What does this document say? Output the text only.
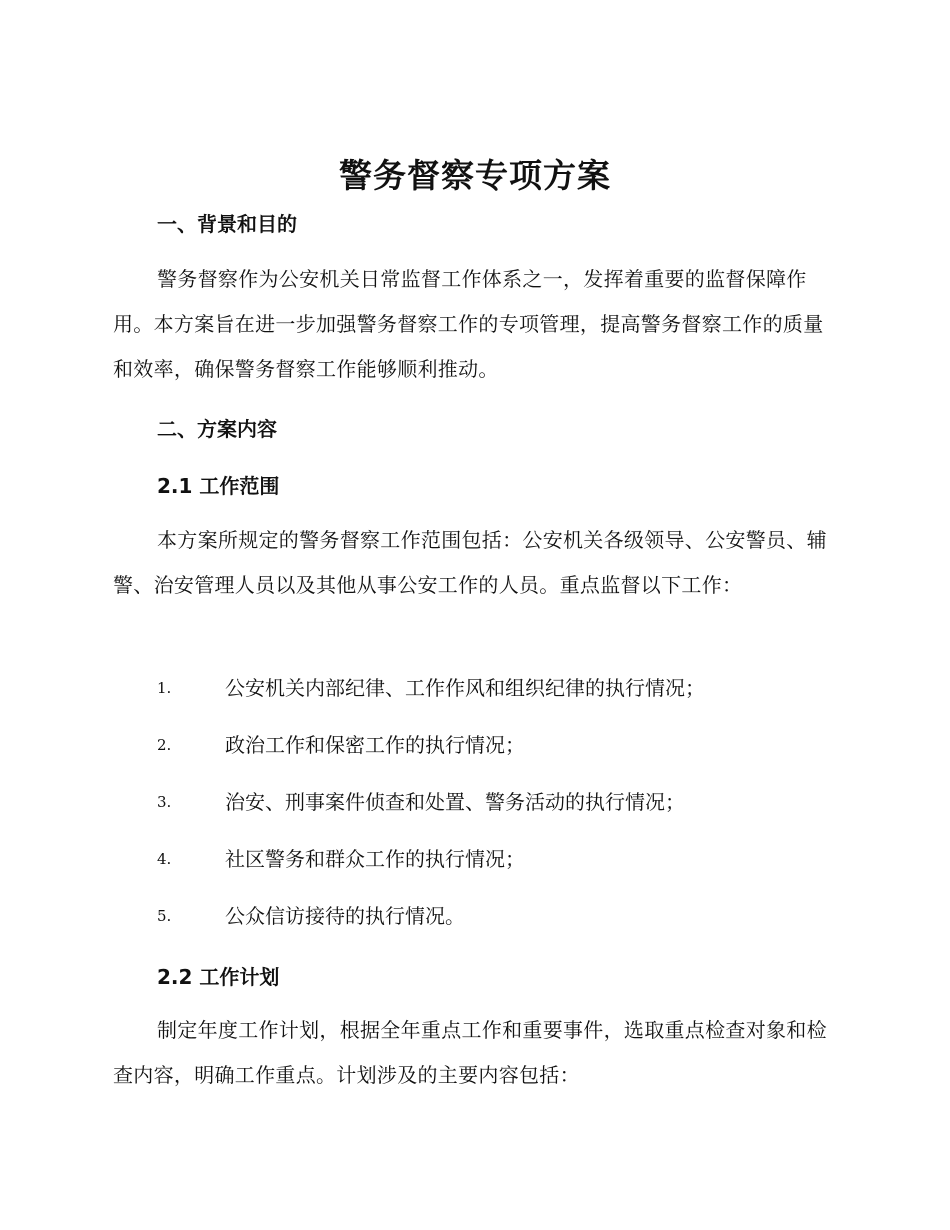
警务督察专项方案
一、背景和目的
警务督察作为公安机关日常监督工作体系之一，发挥着重要的监督保障作用。本方案旨在进一步加强警务督察工作的专项管理，提高警务督察工作的质量和效率，确保警务督察工作能够顺利推动。
二、方案内容
2.1 工作范围
本方案所规定的警务督察工作范围包括：公安机关各级领导、公安警员、辅警、治安管理人员以及其他从事公安工作的人员。重点监督以下工作：
1.	公安机关内部纪律、工作作风和组织纪律的执行情况；
2.	政治工作和保密工作的执行情况；
3.	治安、刑事案件侦查和处置、警务活动的执行情况；
4.	社区警务和群众工作的执行情况；
5.	公众信访接待的执行情况。
2.2 工作计划
制定年度工作计划，根据全年重点工作和重要事件，选取重点检查对象和检查内容，明确工作重点。计划涉及的主要内容包括：
